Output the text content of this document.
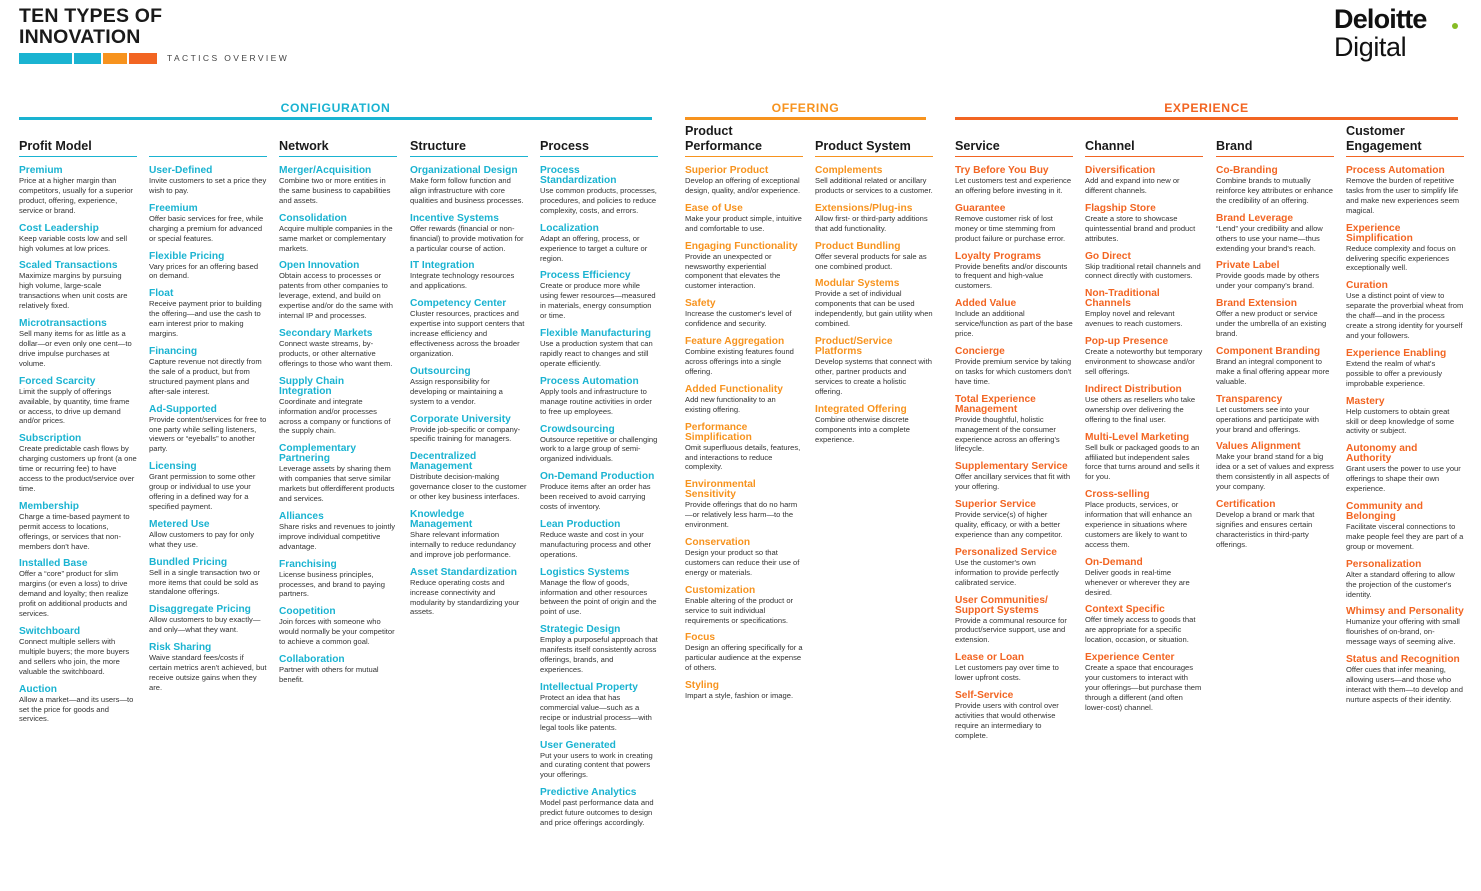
TEN TYPES OF INNOVATION
TACTICS OVERVIEW
Deloitte
Digital
CONFIGURATION	OFFERING	EXPERIENCE
Profit Model
Premium
Price at a higher margin than competitors, usually for a superior product, offering, experience, service or brand.
Cost Leadership
Keep variable costs low and sell high volumes at low prices.
Scaled Transactions
Maximize margins by pursuing high volume, large-scale transactions when unit costs are relatively fixed.
Microtransactions
Sell many items for as little as a dollar—or even only one cent—to drive impulse purchases at volume.
Forced Scarcity
Limit the supply of offerings available, by quantity, time frame or access, to drive up demand and/or prices.
Subscription
Create predictable cash flows by charging customers up front (a one time or recurring fee) to have access to the product/service over time.
Membership
Charge a time-based payment to permit access to locations, offerings, or services that non-members don't have.
Installed Base
Offer a “core” product for slim margins (or even a loss) to drive demand and loyalty; then realize profit on additional products and services.
Switchboard
Connect multiple sellers with multiple buyers; the more buyers and sellers who join, the more valuable the switchboard.
Auction
Allow a market—and its users—to set the price for goods and services.
User-Defined
Invite customers to set a price they wish to pay.
Freemium
Offer basic services for free, while charging a premium for advanced or special features.
Flexible Pricing
Vary prices for an offering based on demand.
Float
Receive payment prior to building the offering—and use the cash to earn interest prior to making margins.
Financing
Capture revenue not directly from the sale of a product, but from structured payment plans and after-sale interest.
Ad-Supported
Provide content/services for free to one party while selling listeners, viewers or “eyeballs” to another party.
Licensing
Grant permission to some other group or individual to use your offering in a defined way for a specified payment.
Metered Use
Allow customers to pay for only what they use.
Bundled Pricing
Sell in a single transaction two or more items that could be sold as standalone offerings.
Disaggregate Pricing
Allow customers to buy exactly—and only—what they want.
Risk Sharing
Waive standard fees/costs if certain metrics aren't achieved, but receive outsize gains when they are.
Network
Merger/Acquisition
Combine two or more entities in the same business to capabilities and assets.
Consolidation
Acquire multiple companies in the same market or complementary markets.
Open Innovation
Obtain access to processes or patents from other companies to leverage, extend, and build on expertise and/or do the same with internal IP and processes.
Secondary Markets
Connect waste streams, by-products, or other alternative offerings to those who want them.
Supply Chain Integration
Coordinate and integrate information and/or processes across a company or functions of the supply chain.
Complementary Partnering
Leverage assets by sharing them with companies that serve similar markets but offerdifferent products and services.
Alliances
Share risks and revenues to jointly improve individual competitive advantage.
Franchising
License business principles, processes, and brand to paying partners.
Coopetition
Join forces with someone who would normally be your competitor to achieve a common goal.
Collaboration
Partner with others for mutual benefit.
Structure
Organizational Design
Make form follow function and align infrastructure with core qualities and business processes.
Incentive Systems
Offer rewards (financial or non-financial) to provide motivation for a particular course of action.
IT Integration
Integrate technology resources and applications.
Competency Center
Cluster resources, practices and expertise into support centers that increase efficiency and effectiveness across the broader organization.
Outsourcing
Assign responsibility for developing or maintaining a system to a vendor.
Corporate University
Provide job-specific or company-specific training for managers.
Decentralized Management
Distribute decision-making governance closer to the customer or other key business interfaces.
Knowledge Management
Share relevant information internally to reduce redundancy and improve job performance.
Asset Standardization
Reduce operating costs and increase connectivity and modularity by standardizing your assets.
Process
Process Standardization
Use common products, processes, procedures, and policies to reduce complexity, costs, and errors.
Localization
Adapt an offering, process, or experience to target a culture or region.
Process Efficiency
Create or produce more while using fewer resources—measured in materials, energy consumption or time.
Flexible Manufacturing
Use a production system that can rapidly react to changes and still operate efficiently.
Process Automation
Apply tools and infrastructure to manage routine activities in order to free up employees.
Crowdsourcing
Outsource repetitive or challenging work to a large group of semi-organized individuals.
On-Demand Production
Produce items after an order has been received to avoid carrying costs of inventory.
Lean Production
Reduce waste and cost in your manufacturing process and other operations.
Logistics Systems
Manage the flow of goods, information and other resources between the point of origin and the point of use.
Strategic Design
Employ a purposeful approach that manifests itself consistently across offerings, brands, and experiences.
Intellectual Property
Protect an idea that has commercial value—such as a recipe or industrial process—with legal tools like patents.
User Generated
Put your users to work in creating and curating content that powers your offerings.
Predictive Analytics
Model past performance data and predict future outcomes to design and price offerings accordingly.
Product Performance
Superior Product
Develop an offering of exceptional design, quality, and/or experience.
Ease of Use
Make your product simple, intuitive and comfortable to use.
Engaging Functionality
Provide an unexpected or newsworthy experiential component that elevates the customer interaction.
Safety
Increase the customer's level of confidence and security.
Feature Aggregation
Combine existing features found across offerings into a single offering.
Added Functionality
Add new functionality to an existing offering.
Performance Simplification
Omit superfluous details, features, and interactions to reduce complexity.
Environmental Sensitivity
Provide offerings that do no harm—or relatively less harm—to the environment.
Conservation
Design your product so that customers can reduce their use of energy or materials.
Customization
Enable altering of the product or service to suit individual requirements or specifications.
Focus
Design an offering specifically for a particular audience at the expense of others.
Styling
Impart a style, fashion or image.
Product System
Complements
Sell additional related or ancillary products or services to a customer.
Extensions/Plug-ins
Allow first- or third-party additions that add functionality.
Product Bundling
Offer several products for sale as one combined product.
Modular Systems
Provide a set of individual components that can be used independently, but gain utility when combined.
Product/Service Platforms
Develop systems that connect with other, partner products and services to create a holistic offering.
Integrated Offering
Combine otherwise discrete components into a complete experience.
Service
Try Before You Buy
Let customers test and experience an offering before investing in it.
Guarantee
Remove customer risk of lost money or time stemming from product failure or purchase error.
Loyalty Programs
Provide benefits and/or discounts to frequent and high-value customers.
Added Value
Include an additional service/function as part of the base price.
Concierge
Provide premium service by taking on tasks for which customers don't have time.
Total Experience Management
Provide thoughtful, holistic management of the consumer experience across an offering's lifecycle.
Supplementary Service
Offer ancillary services that fit with your offering.
Superior Service
Provide service(s) of higher quality, efficacy, or with a better experience than any competitor.
Personalized Service
Use the customer's own information to provide perfectly calibrated service.
User Communities/ Support Systems
Provide a communal resource for product/service support, use and extension.
Lease or Loan
Let customers pay over time to lower upfront costs.
Self-Service
Provide users with control over activities that would otherwise require an intermediary to complete.
Channel
Diversification
Add and expand into new or different channels.
Flagship Store
Create a store to showcase quintessential brand and product attributes.
Go Direct
Skip traditional retail channels and connect directly with customers.
Non-Traditional Channels
Employ novel and relevant avenues to reach customers.
Pop-up Presence
Create a noteworthy but temporary environment to showcase and/or sell offerings.
Indirect Distribution
Use others as resellers who take ownership over delivering the offering to the final user.
Multi-Level Marketing
Sell bulk or packaged goods to an affiliated but independent sales force that turns around and sells it for you.
Cross-selling
Place products, services, or information that will enhance an experience in situations where customers are likely to want to access them.
On-Demand
Deliver goods in real-time whenever or wherever they are desired.
Context Specific
Offer timely access to goods that are appropriate for a specific location, occasion, or situation.
Experience Center
Create a space that encourages your customers to interact with your offerings—but purchase them through a different (and often lower-cost) channel.
Brand
Co-Branding
Combine brands to mutually reinforce key attributes or enhance the credibility of an offering.
Brand Leverage
“Lend” your credibility and allow others to use your name—thus extending your brand's reach.
Private Label
Provide goods made by others under your company's brand.
Brand Extension
Offer a new product or service under the umbrella of an existing brand.
Component Branding
Brand an integral component to make a final offering appear more valuable.
Transparency
Let customers see into your operations and participate with your brand and offerings.
Values Alignment
Make your brand stand for a big idea or a set of values and express them consistently in all aspects of your company.
Certification
Develop a brand or mark that signifies and ensures certain characteristics in third-party offerings.
Customer Engagement
Process Automation
Remove the burden of repetitive tasks from the user to simplify life and make new experiences seem magical.
Experience Simplification
Reduce complexity and focus on delivering specific experiences exceptionally well.
Curation
Use a distinct point of view to separate the proverbial wheat from the chaff—and in the process create a strong identity for yourself and your followers.
Experience Enabling
Extend the realm of what's possible to offer a previously improbable experience.
Mastery
Help customers to obtain great skill or deep knowledge of some activity or subject.
Autonomy and Authority
Grant users the power to use your offerings to shape their own experience.
Community and Belonging
Facilitate visceral connections to make people feel they are part of a group or movement.
Personalization
Alter a standard offering to allow the projection of the customer's identity.
Whimsy and Personality
Humanize your offering with small flourishes of on-brand, on-message ways of seeming alive.
Status and Recognition
Offer cues that infer meaning, allowing users—and those who interact with them—to develop and nurture aspects of their identity.
